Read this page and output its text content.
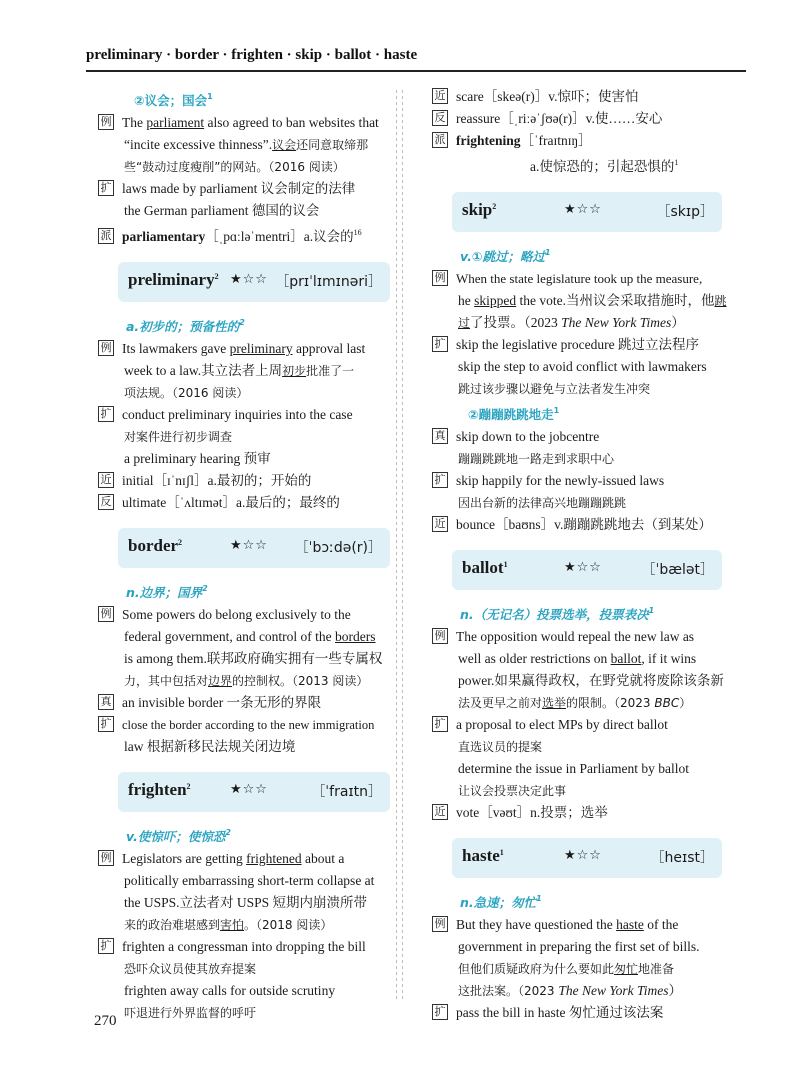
preliminary · border · frighten · skip · ballot · haste
②议会；国会$^1$
例 The parliament also agreed to ban websites that
“incite excessive thinness”.议会还同意取缔那
些“鼓动过度瘦削”的网站。（2016 阅读）
扩 laws made by parliament 议会制定的法律
the German parliament 德国的议会
派 parliamentary［ˌpɑːləˈmentri］a.议会的$^{16}$
preliminary$^2$ ★☆☆ ［prɪˈlɪmɪnəri］
a.初步的；预备性的$^2$
例 Its lawmakers gave preliminary approval last
week to a law.其立法者上周初步批准了一
项法规。（2016 阅读）
扩 conduct preliminary inquiries into the case
对案件进行初步调查
a preliminary hearing 预审
近 initial［ɪˈnɪʃl］a.最初的；开始的
反 ultimate［ˈʌltɪmət］a.最后的；最终的
border$^2$	★☆☆ ［ˈbɔːdə(r)］
n.边界；国界$^2$
例 Some powers do belong exclusively to the
federal government, and control of the borders
is among them.联邦政府确实拥有一些专属权
力，其中包括对边界的控制权。（2013 阅读）
真 an invisible border 一条无形的界限
扩 close the border according to the new immigration
law 根据新移民法规关闭边境
frighten$^2$	★☆☆	［ˈfraɪtn］
v.使惊吓；使惊恐$^2$
例 Legislators are getting frightened about a
politically embarrassing short-term collapse at
the USPS.立法者对 USPS 短期内崩溃所带
来的政治难堪感到害怕。（2018 阅读）
扩 frighten a congressman into dropping the bill
恐吓众议员使其放弃提案
frighten away calls for outside scrutiny
吓退进行外界监督的呼吁
近 scare［skeə(r)］v.惊吓；使害怕
反 reassure［ˌriːəˈʃʊə(r)］v.使……安心
派 frightening［ˈfraɪtnɪŋ］
a.使惊恐的；引起恐惧的$^1$
skip$^2$	★☆☆	［skɪp］
v.①跳过；略过$^1$
例 When the state legislature took up the measure,
he skipped the vote.当州议会采取措施时，他跳
过了投票。（2023 The New York Times）
扩 skip the legislative procedure 跳过立法程序
skip the step to avoid conflict with lawmakers
跳过该步骤以避免与立法者发生冲突
②蹦蹦跳跳地走$^1$
真 skip down to the jobcentre
蹦蹦跳跳地一路走到求职中心
扩 skip happily for the newly-issued laws
因出台新的法律高兴地蹦蹦跳跳
近 bounce［baʊns］v.蹦蹦跳跳地去（到某处）
ballot$^1$	★☆☆	［ˈbælət］
n.（无记名）投票选举，投票表决$^1$
例 The opposition would repeal the new law as
well as older restrictions on ballot, if it wins
power.如果赢得政权，在野党就将废除该条新
法及更早之前对选举的限制。（2023 BBC）
扩 a proposal to elect MPs by direct ballot
直选议员的提案
determine the issue in Parliament by ballot
让议会投票决定此事
近 vote［vəʊt］n.投票；选举
haste$^1$	★☆☆	［heɪst］
n.急速；匆忙$^1$
例 But they have questioned the haste of the
government in preparing the first set of bills.
但他们质疑政府为什么要如此匆忙地准备
这批法案。（2023 The New York Times）
扩 pass the bill in haste 匆忙通过该法案
270
